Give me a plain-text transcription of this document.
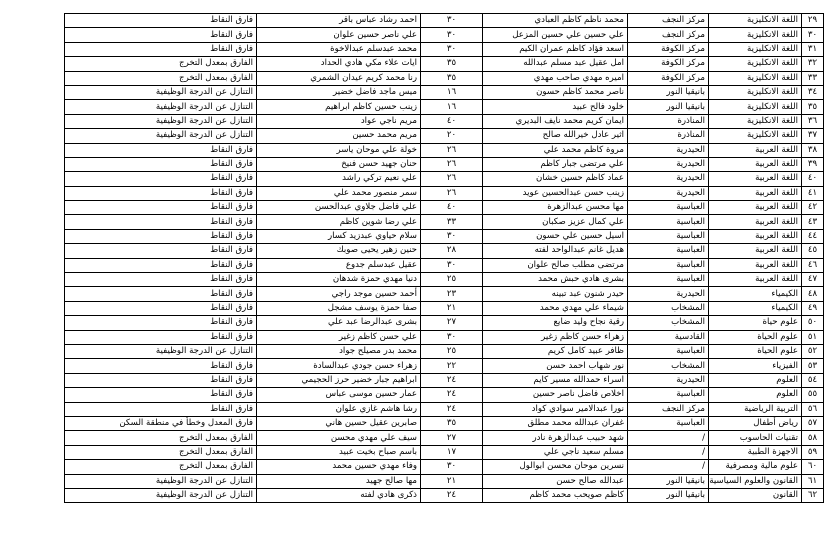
٢٩	اللغة الانكليزية	مركز النجف	محمد ناظم كاظم العبادي	٣٠	احمد رشاد عباس باقر	فارق النقاط
٣٠	اللغة الانكليزية	مركز النجف	علي حسين علي حسين المزعل	٣٠	علي ناصر حسين علوان	فارق النقاط
٣١	اللغة الانكليزية	مركز الكوفة	اسعد فؤاد كاظم عمران الكيم	٣٠	محمد عبدسلم عبدالاخوة	فارق النقاط
٣٢	اللغة الانكليزية	مركز الكوفة	امل عقيل عبد مسلم عبدالله	٣٥	ايات علاء مكي هادي الحداد	الفارق بمعدل التخرج
٣٣	اللغة الانكليزية	مركز الكوفة	اميره مهدي صاحب مهدي	٣٥	رنا محمد كريم عيدان الشمري	الفارق بمعدل التخرج
٣٤	اللغة الانكليزية	بانيقيا النور	ناصر محمد كاظم حسون	١٦	ميس ماجد فاضل خضير	التنازل عن الدرجة الوظيفية
٣٥	اللغة الانكليزية	بانيقيا النور	خلود فالح عبيد	١٦	زينب حسين كاظم ابراهيم	التنازل عن الدرجة الوظيفية
٣٦	اللغة الانكليزية	المناذرة	ايمان كريم محمد نايف البديري	٤٠	مريم ناجي عواد	التنازل عن الدرجة الوظيفية
٣٧	اللغة الانكليزية	المناذرة	اثير عادل خيرالله صالح	٢٠	مريم محمد حسين	التنازل عن الدرجة الوظيفية
٣٨	اللغة العربية	الحيدرية	مروة كاظم محمد علي	٢٦	خولة علي موحان ياسر	فارق النقاط
٣٩	اللغة العربية	الحيدرية	علي مرتضى جبار كاظم	٢٦	حنان جهيد حسن فنيخ	فارق النقاط
٤٠	اللغة العربية	الحيدرية	عماد كاظم حسين خشان	٢٦	علي نعيم تركي راشد	فارق النقاط
٤١	اللغة العربية	الحيدرية	زينب حسن عبدالحسين عويد	٢٦	سمر منصور محمد علي	فارق النقاط
٤٢	اللغة العربية	العباسية	مها محسن عبدالزهرة	٤٠	علي فاضل جلاوي عبدالحسن	فارق النقاط
٤٣	اللغة العربية	العباسية	علي كمال عزيز صكبان	٣٣	علي رضا شوين كاظم	فارق النقاط
٤٤	اللغة العربية	العباسية	اسيل حسين علي حسون	٣٠	سلام حياوي عبدزيد كسار	فارق النقاط
٤٥	اللغة العربية	العباسية	هديل غانم عبدالواحد لفته	٢٨	حنين زهير يحيى صوبك	فارق النقاط
٤٦	اللغة العربية	العباسية	مرتضى مطلب صالح علوان	٣٠	عقيل عبدسلم جدوع	فارق النقاط
٤٧	اللغة العربية	العباسية	بشرى هادي حبش محمد	٢٥	دنيا مهدي حمزة شدهان	فارق النقاط
٤٨	الكيمياء	الحيدرية	حيدر شنون عبد تبينه	٢٣	أحمد حسين موجد راجي	فارق النقاط
٤٩	الكيمياء	المشخاب	شيماء علي مهدي محمد	٢١	صفا حمزة يوسف مشجل	فارق النقاط
٥٠	علوم حياة	المشخاب	رقية نجاح وليد ضايع	٢٧	بشرى عبدالرضا عبد علي	فارق النقاط
٥١	علوم الحياة	القادسية	زهراء حسن كاظم زغير	٣٠	علي حسن كاظم زغير	فارق النقاط
٥٢	علوم الحياة	العباسية	ظافر عبيد كامل كريم	٢٥	محمد بدر مصيلح جواد	التنازل عن الدرجة الوظيفية
٥٣	الفيزياء	المشخاب	نور شهاب احمد حسن	٢٢	زهراء حسن جودي عبدالسادة	فارق النقاط
٥٤	العلوم	الحيدرية	اسراء حمدالله مسير كايم	٢٤	ابراهيم جبار خضير حرز الحجيمي	فارق النقاط
٥٥	العلوم	العباسية	اخلاص فاضل ناصر حسين	٢٤	عمار حسين موسى عباس	فارق النقاط
٥٦	التربية الرياضية	مركز النجف	نورا عبدالامير سوادي كواد	٢٤	رشا هاشم غازي علوان	فارق النقاط
٥٧	رياض أطفال	العباسية	غفران عبدالله محمد مطلق	٣٥	صابرين عقيل حسين هاني	فارق المعدل وخطأ في منطقة السكن
٥٨	تقنيات الحاسوب	/	شهد حبيب عبدالزهرة نادر	٢٧	سيف علي مهدي محسن	الفارق بمعدل التخرج
٥٩	الاجهزة الطبية	/	مسلم سعيد ناجي علي	١٧	باسم صباح بخيت عبيد	الفارق بمعدل التخرج
٦٠	علوم مالية ومصرفية	/	نسرين موحان محسن ابوالول	٣٠	وفاء مهدي حسين محمد	الفارق بمعدل التخرج
٦١	القانون والعلوم السياسية	بانيقيا النور	عبدالله صالح حسن	٢١	مها صالح جهيد	التنازل عن الدرجة الوظيفية
٦٢	القانون	بانيقيا النور	كاظم صويحب محمد كاظم	٢٤	ذكرى هادي لفته	التنازل عن الدرجة الوظيفية
